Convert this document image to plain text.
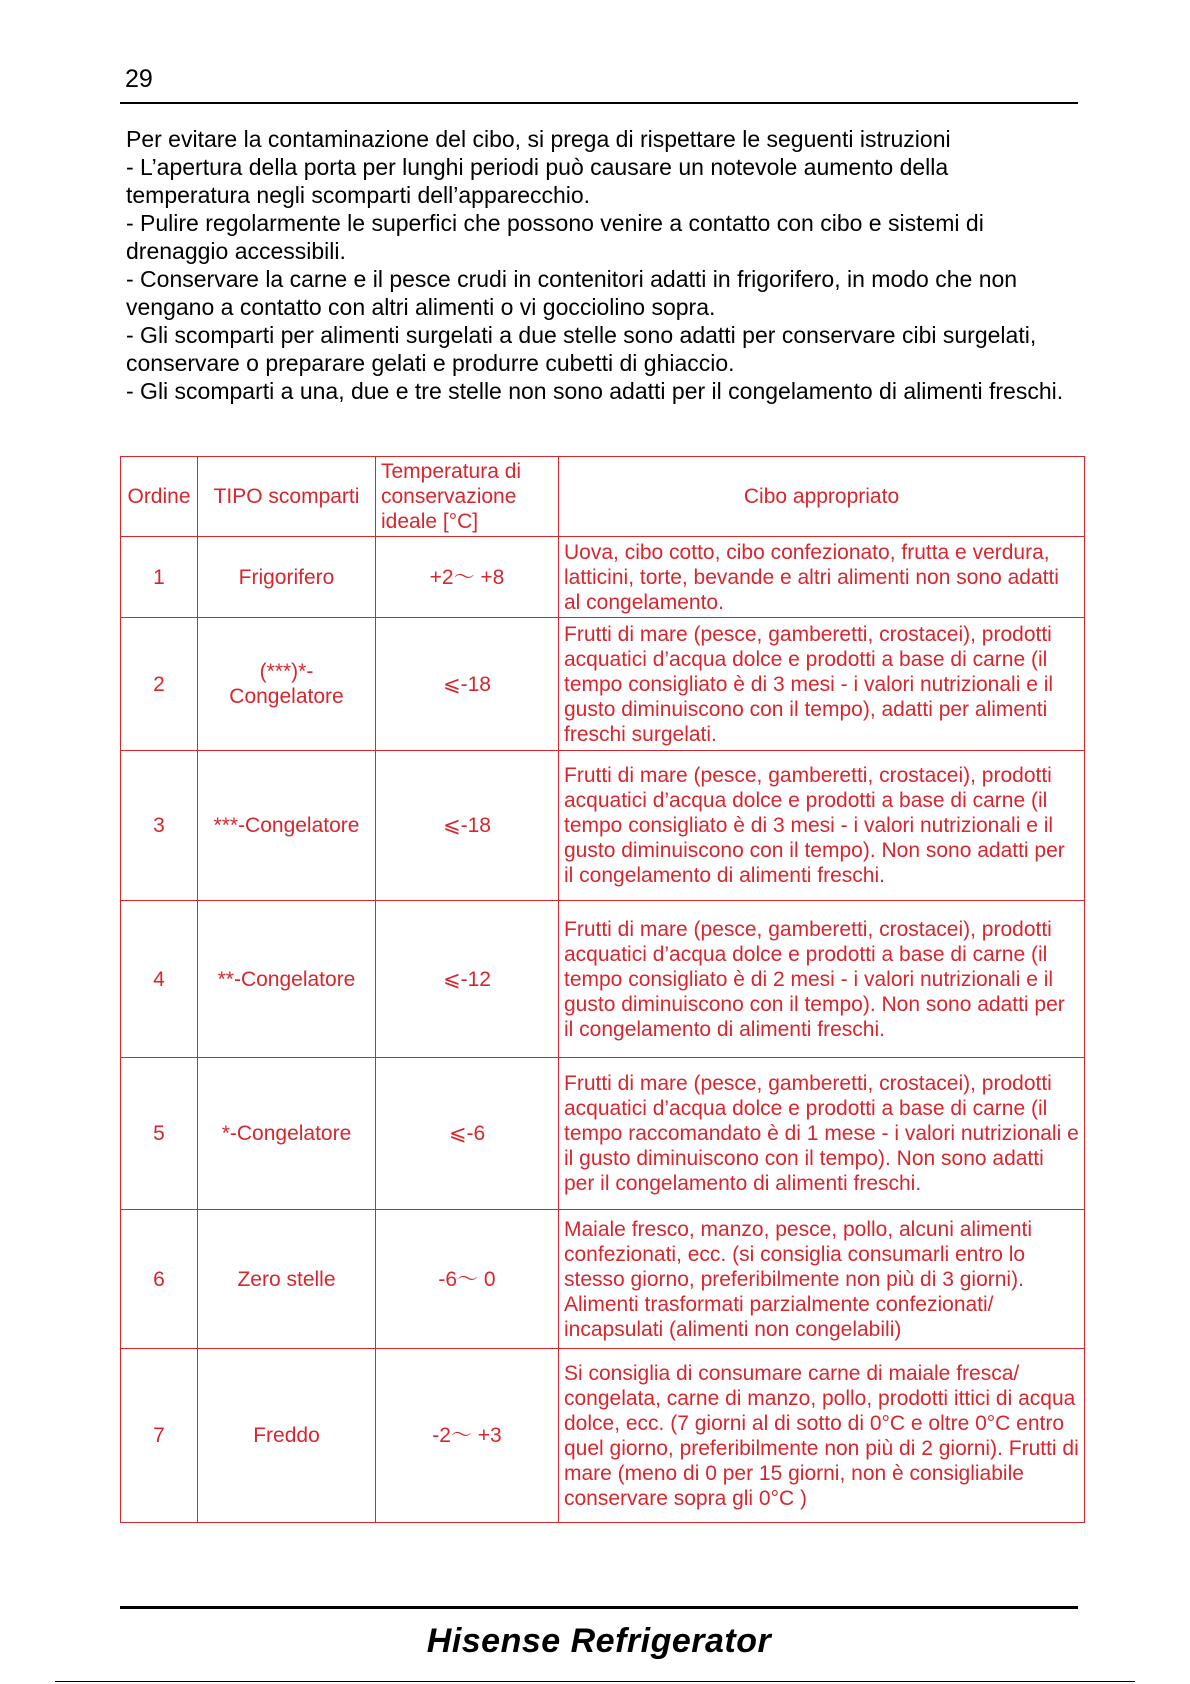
29

Per evitare la contaminazione del cibo, si prega di rispettare le seguenti istruzioni

- L’apertura della porta per lunghi periodi può causare un notevole aumento della temperatura negli scomparti dell’apparecchio.

- Pulire regolarmente le superfici che possono venire a contatto con cibo e sistemi di drenaggio accessibili.

- Conservare la carne e il pesce crudi in contenitori adatti in frigorifero, in modo che non vengano a contatto con altri alimenti o vi gocciolino sopra.

- Gli scomparti per alimenti surgelati a due stelle sono adatti per conservare cibi surgelati, conservare o preparare gelati e produrre cubetti di ghiaccio.

- Gli scomparti a una, due e tre stelle non sono adatti per il congelamento di alimenti freschi.

Ordine	TIPO scomparti	Temperatura di conservazione ideale [°C]	Cibo appropriato
1	Frigorifero	+2～ +8	Uova, cibo cotto, cibo confezionato, frutta e verdura, latticini, torte, bevande e altri alimenti non sono adatti al congelamento.
2	(***)*-Congelatore	⩽-18	Frutti di mare (pesce, gamberetti, crostacei), prodotti acquatici d’acqua dolce e prodotti a base di carne (il tempo consigliato è di 3 mesi - i valori nutrizionali e il gusto diminuiscono con il tempo), adatti per alimenti freschi surgelati.
3	***-Congelatore	⩽-18	Frutti di mare (pesce, gamberetti, crostacei), prodotti acquatici d’acqua dolce e prodotti a base di carne (il tempo consigliato è di 3 mesi - i valori nutrizionali e il gusto diminuiscono con il tempo). Non sono adatti per il congelamento di alimenti freschi.
4	**-Congelatore	⩽-12	Frutti di mare (pesce, gamberetti, crostacei), prodotti acquatici d’acqua dolce e prodotti a base di carne (il tempo consigliato è di 2 mesi - i valori nutrizionali e il gusto diminuiscono con il tempo). Non sono adatti per il congelamento di alimenti freschi.
5	*-Congelatore	⩽-6	Frutti di mare (pesce, gamberetti, crostacei), prodotti acquatici d’acqua dolce e prodotti a base di carne (il tempo raccomandato è di 1 mese - i valori nutrizionali e il gusto diminuiscono con il tempo). Non sono adatti per il congelamento di alimenti freschi.
6	Zero stelle	-6～ 0	Maiale fresco, manzo, pesce, pollo, alcuni alimenti confezionati, ecc. (si consiglia consumarli entro lo stesso giorno, preferibilmente non più di 3 giorni). Alimenti trasformati parzialmente confezionati/ incapsulati (alimenti non congelabili)
7	Freddo	-2～ +3	Si consiglia di consumare carne di maiale fresca/ congelata, carne di manzo, pollo, prodotti ittici di acqua dolce, ecc. (7 giorni al di sotto di 0°C e oltre 0°C entro quel giorno, preferibilmente non più di 2 giorni). Frutti di mare (meno di 0 per 15 giorni, non è consigliabile conservare sopra gli 0°C )
Hisense Refrigerator
